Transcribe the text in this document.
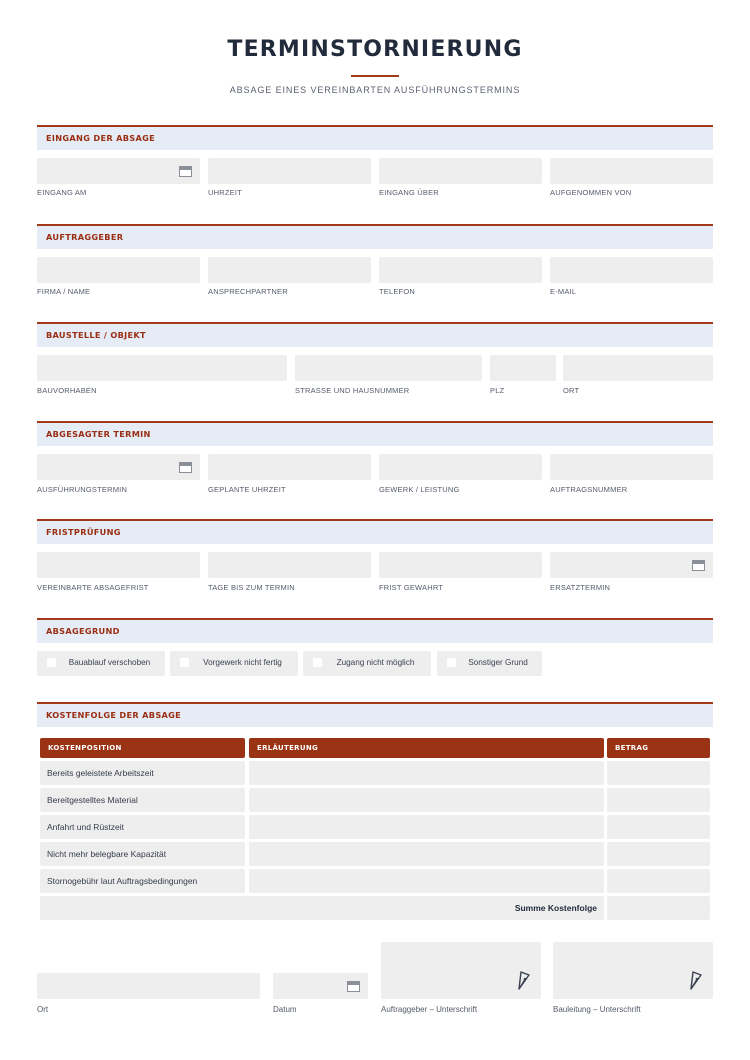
TERMINSTORNIERUNG
ABSAGE EINES VEREINBARTEN AUSFÜHRUNGSTERMINS
EINGANG DER ABSAGE
EINGANG AM	UHRZEIT	EINGANG ÜBER	AUFGENOMMEN VON
AUFTRAGGEBER
FIRMA / NAME	ANSPRECHPARTNER	TELEFON	E-MAIL
BAUSTELLE / OBJEKT
BAUVORHABEN	STRASSE UND HAUSNUMMER	PLZ	ORT
ABGESAGTER TERMIN
AUSFÜHRUNGSTERMIN	GEPLANTE UHRZEIT	GEWERK / LEISTUNG	AUFTRAGSNUMMER
FRISTPRÜFUNG
VEREINBARTE ABSAGEFRIST	TAGE BIS ZUM TERMIN	FRIST GEWAHRT	ERSATZTERMIN
ABSAGEGRUND
Bauablauf verschoben	Vorgewerk nicht fertig	Zugang nicht möglich	Sonstiger Grund
KOSTENFOLGE DER ABSAGE
KOSTENPOSITION	ERLÄUTERUNG	BETRAG
Bereits geleistete Arbeitszeit
Bereitgestelltes Material
Anfahrt und Rüstzeit
Nicht mehr belegbare Kapazität
Stornogebühr laut Auftragsbedingungen
Summe Kostenfolge
Ort	Datum	Auftraggeber – Unterschrift	Bauleitung – Unterschrift
